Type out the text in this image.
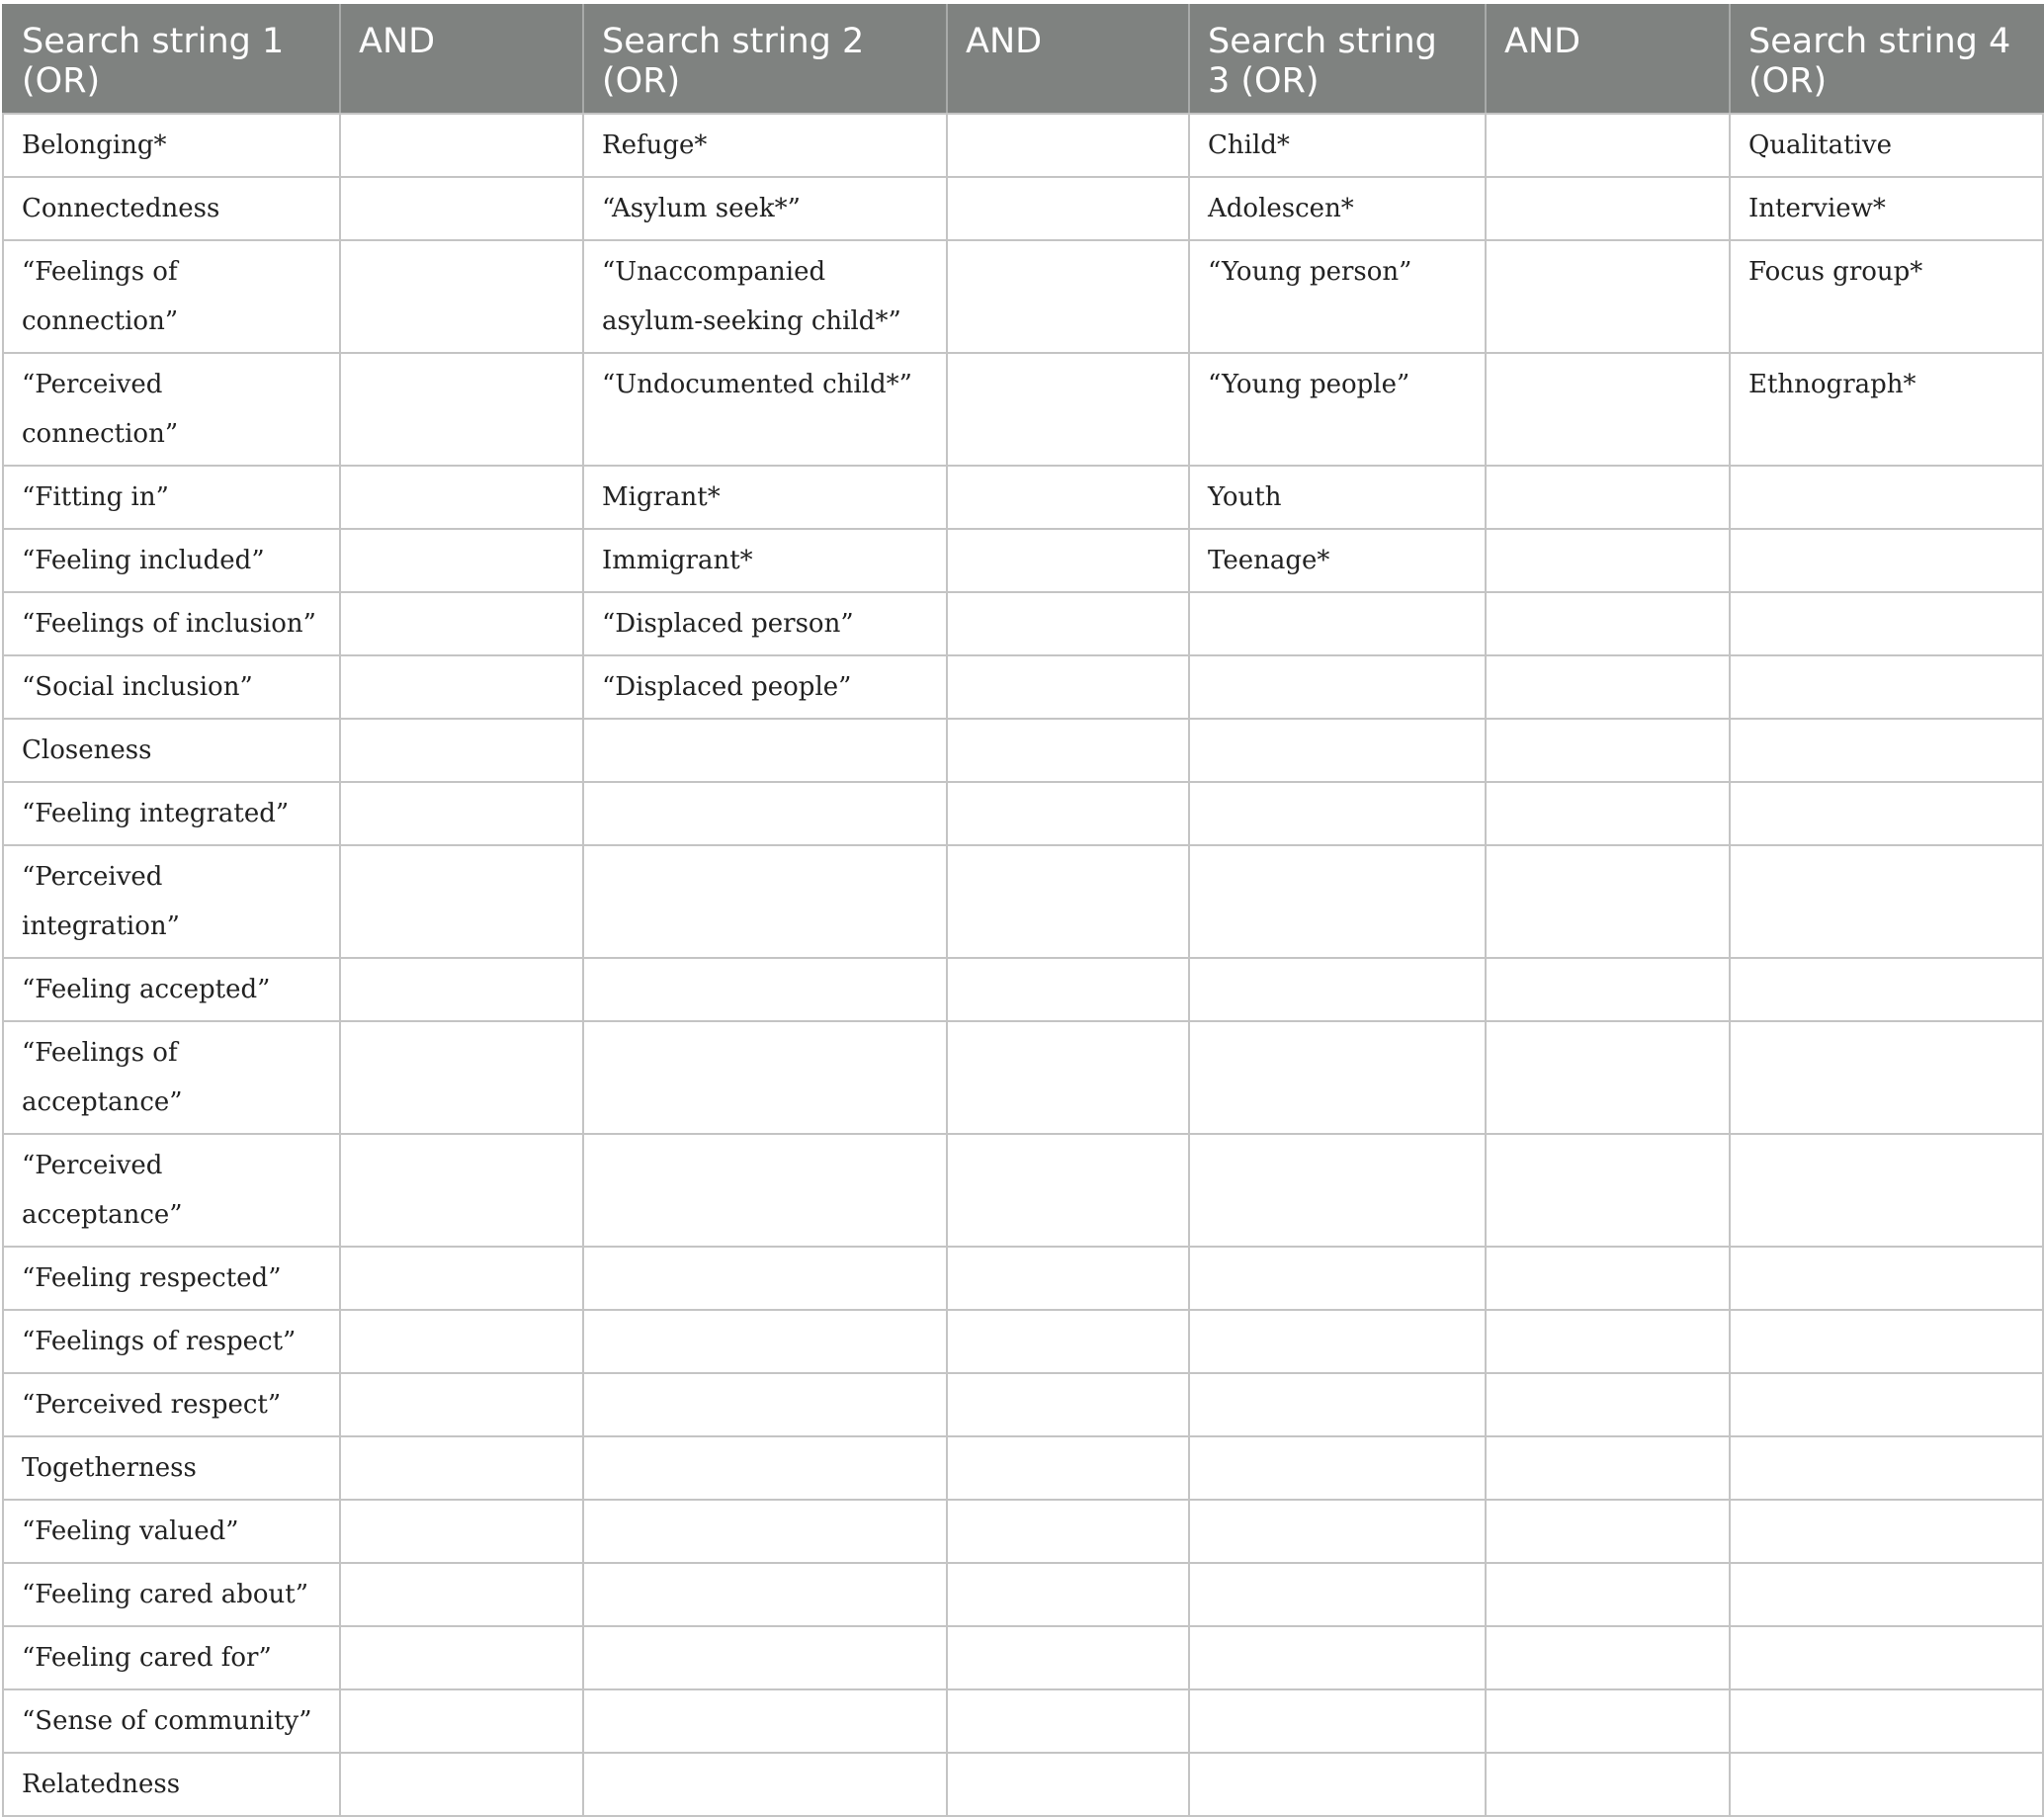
Search string 1 (OR)	AND	Search string 2 (OR)	AND	Search string 3 (OR)	AND	Search string 4 (OR)
Belonging*		Refuge*		Child*		Qualitative
Connectedness		“Asylum seek*”		Adolescen*		Interview*
“Feelings of connection”		“Unaccompanied asylum-seeking child*”		“Young person”		Focus group*
“Perceived connection”		“Undocumented child*”		“Young people”		Ethnograph*
“Fitting in”		Migrant*		Youth		
“Feeling included”		Immigrant*		Teenage*		
“Feelings of inclusion”		“Displaced person”				
“Social inclusion”		“Displaced people”				
Closeness						
“Feeling integrated”						
“Perceived integration”						
“Feeling accepted”						
“Feelings of acceptance”						
“Perceived acceptance”						
“Feeling respected”						
“Feelings of respect”						
“Perceived respect”						
Togetherness						
“Feeling valued”						
“Feeling cared about”						
“Feeling cared for”						
“Sense of community”						
Relatedness						
